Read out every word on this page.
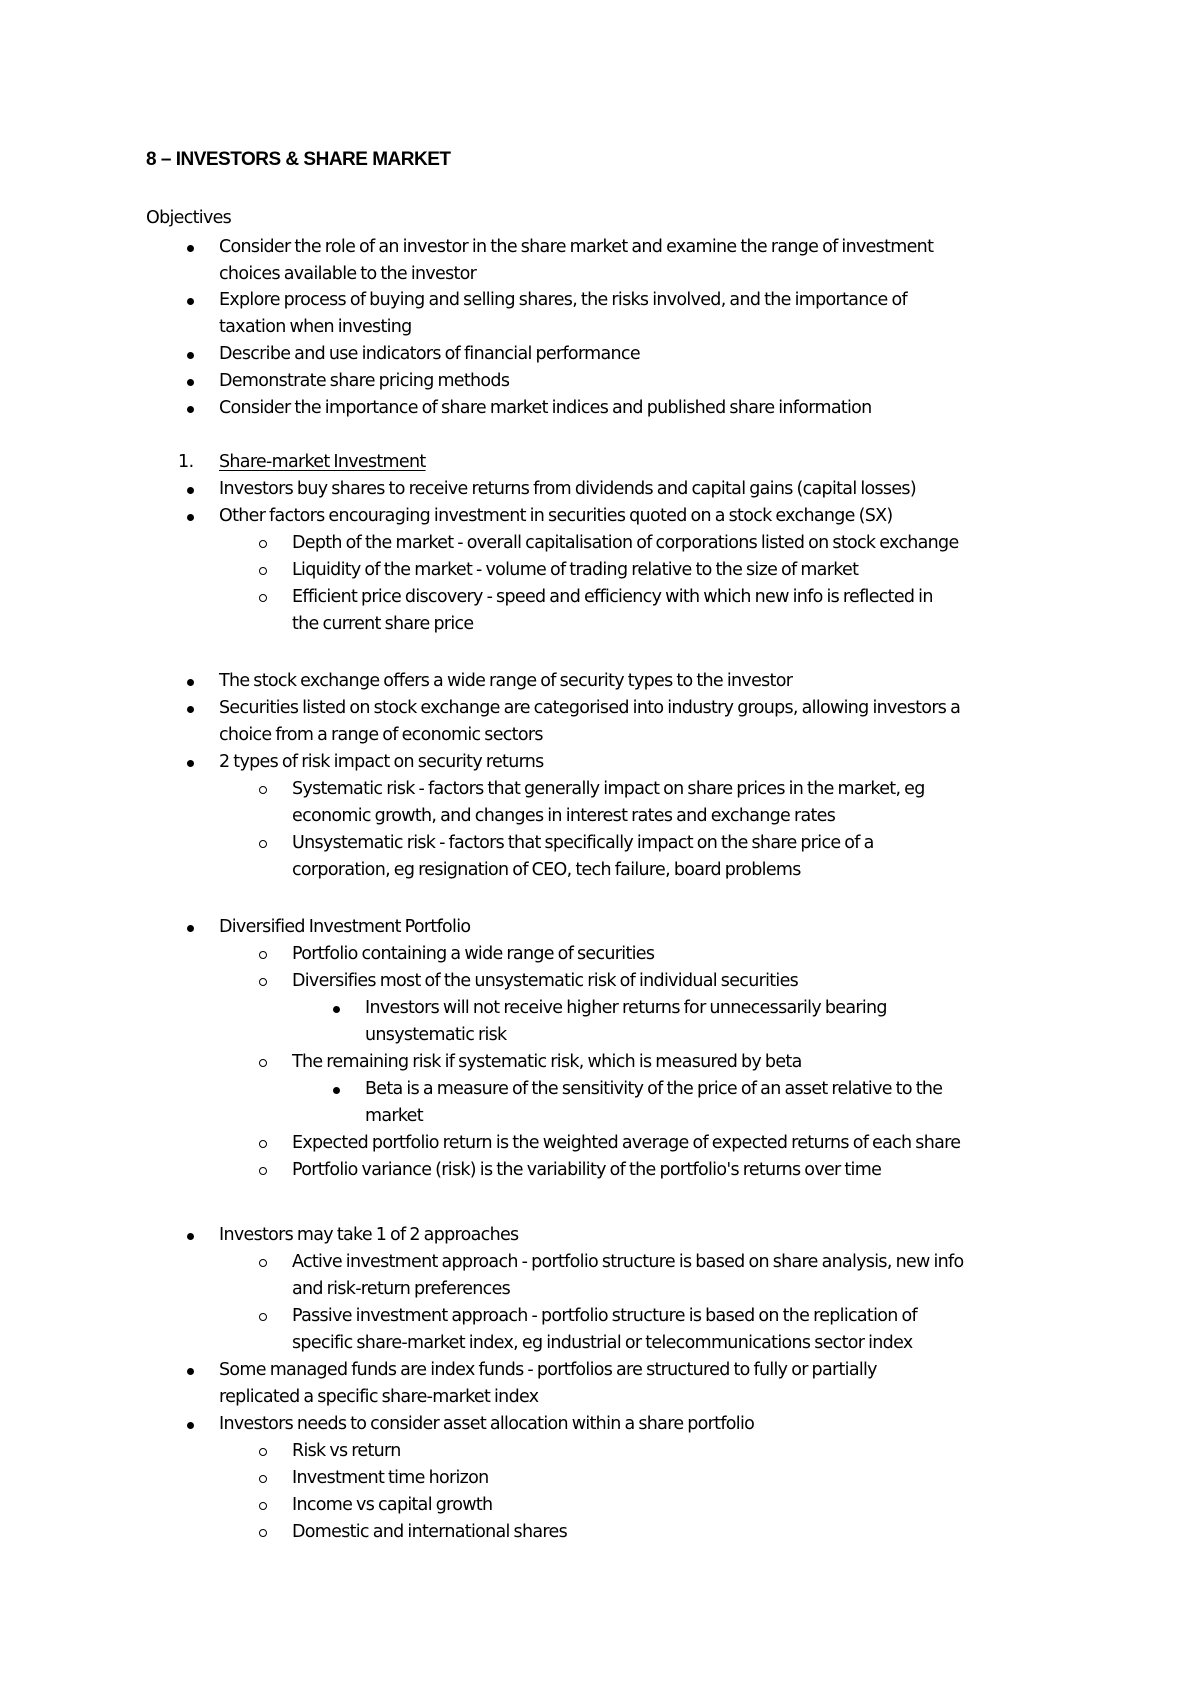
8 – INVESTORS & SHARE MARKET
Objectives
Consider the role of an investor in the share market and examine the range of investment
choices available to the investor
Explore process of buying and selling shares, the risks involved, and the importance of
taxation when investing
Describe and use indicators of financial performance
Demonstrate share pricing methods
Consider the importance of share market indices and published share information
1. Share-market Investment
Investors buy shares to receive returns from dividends and capital gains (capital losses)
Other factors encouraging investment in securities quoted on a stock exchange (SX)
Depth of the market - overall capitalisation of corporations listed on stock exchange
Liquidity of the market - volume of trading relative to the size of market
Efficient price discovery - speed and efficiency with which new info is reflected in
the current share price
The stock exchange offers a wide range of security types to the investor
Securities listed on stock exchange are categorised into industry groups, allowing investors a
choice from a range of economic sectors
2 types of risk impact on security returns
Systematic risk - factors that generally impact on share prices in the market, eg
economic growth, and changes in interest rates and exchange rates
Unsystematic risk - factors that specifically impact on the share price of a
corporation, eg resignation of CEO, tech failure, board problems
Diversified Investment Portfolio
Portfolio containing a wide range of securities
Diversifies most of the unsystematic risk of individual securities
Investors will not receive higher returns for unnecessarily bearing
unsystematic risk
The remaining risk if systematic risk, which is measured by beta
Beta is a measure of the sensitivity of the price of an asset relative to the
market
Expected portfolio return is the weighted average of expected returns of each share
Portfolio variance (risk) is the variability of the portfolio's returns over time
Investors may take 1 of 2 approaches
Active investment approach - portfolio structure is based on share analysis, new info
and risk-return preferences
Passive investment approach - portfolio structure is based on the replication of
specific share-market index, eg industrial or telecommunications sector index
Some managed funds are index funds - portfolios are structured to fully or partially
replicated a specific share-market index
Investors needs to consider asset allocation within a share portfolio
Risk vs return
Investment time horizon
Income vs capital growth
Domestic and international shares
